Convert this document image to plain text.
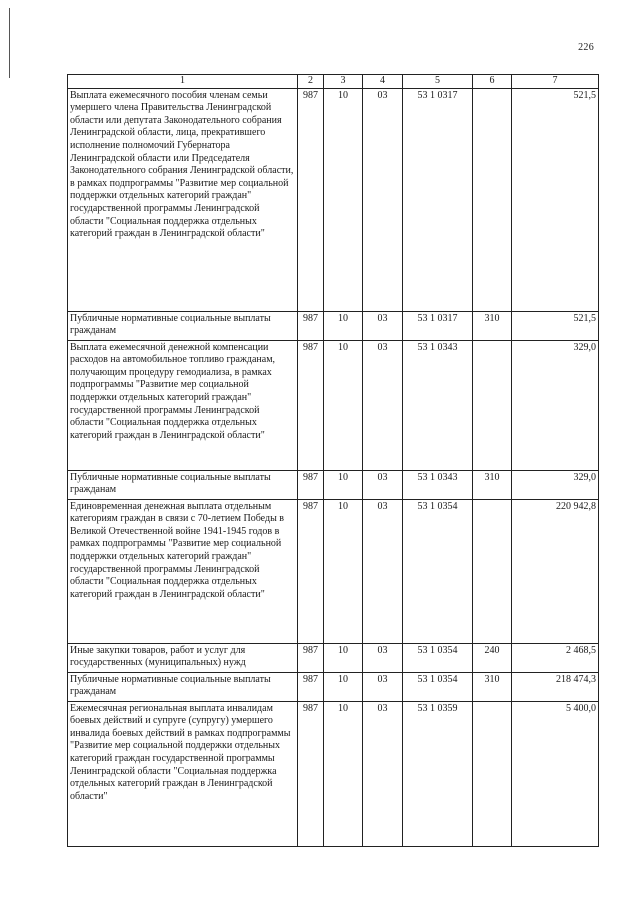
226
1	2	3	4	5	6	7
Выплата ежемесячного пособия членам семьи умершего члена Правительства Ленинградской области или депутата Законодательного собрания Ленинградской области, лица, прекратившего исполнение полномочий Губернатора Ленинградской области или Председателя Законодательного собрания Ленинградской области, в рамках подпрограммы "Развитие мер социальной поддержки отдельных категорий граждан" государственной программы Ленинградской области "Социальная поддержка отдельных категорий граждан в Ленинградской области"	987	10	03	53 1 0317		521,5
Публичные нормативные социальные выплаты гражданам	987	10	03	53 1 0317	310	521,5
Выплата ежемесячной денежной компенсации расходов на автомобильное топливо гражданам, получающим процедуру гемодиализа, в рамках подпрограммы "Развитие мер социальной поддержки отдельных категорий граждан" государственной программы Ленинградской области "Социальная поддержка отдельных категорий граждан в Ленинградской области"	987	10	03	53 1 0343		329,0
Публичные нормативные социальные выплаты гражданам	987	10	03	53 1 0343	310	329,0
Единовременная денежная выплата отдельным категориям граждан в связи с 70-летием Победы в Великой Отечественной войне 1941-1945 годов в рамках подпрограммы "Развитие мер социальной поддержки отдельных категорий граждан" государственной программы Ленинградской области "Социальная поддержка отдельных категорий граждан в Ленинградской области"	987	10	03	53 1 0354		220 942,8
Иные закупки товаров, работ и услуг для государственных (муниципальных) нужд	987	10	03	53 1 0354	240	2 468,5
Публичные нормативные социальные выплаты гражданам	987	10	03	53 1 0354	310	218 474,3
Ежемесячная региональная выплата инвалидам боевых действий и супруге (супругу) умершего инвалида боевых действий в рамках подпрограммы "Развитие мер социальной поддержки отдельных категорий граждан государственной программы Ленинградской области "Социальная поддержка отдельных категорий граждан в Ленинградской области"	987	10	03	53 1 0359		5 400,0
